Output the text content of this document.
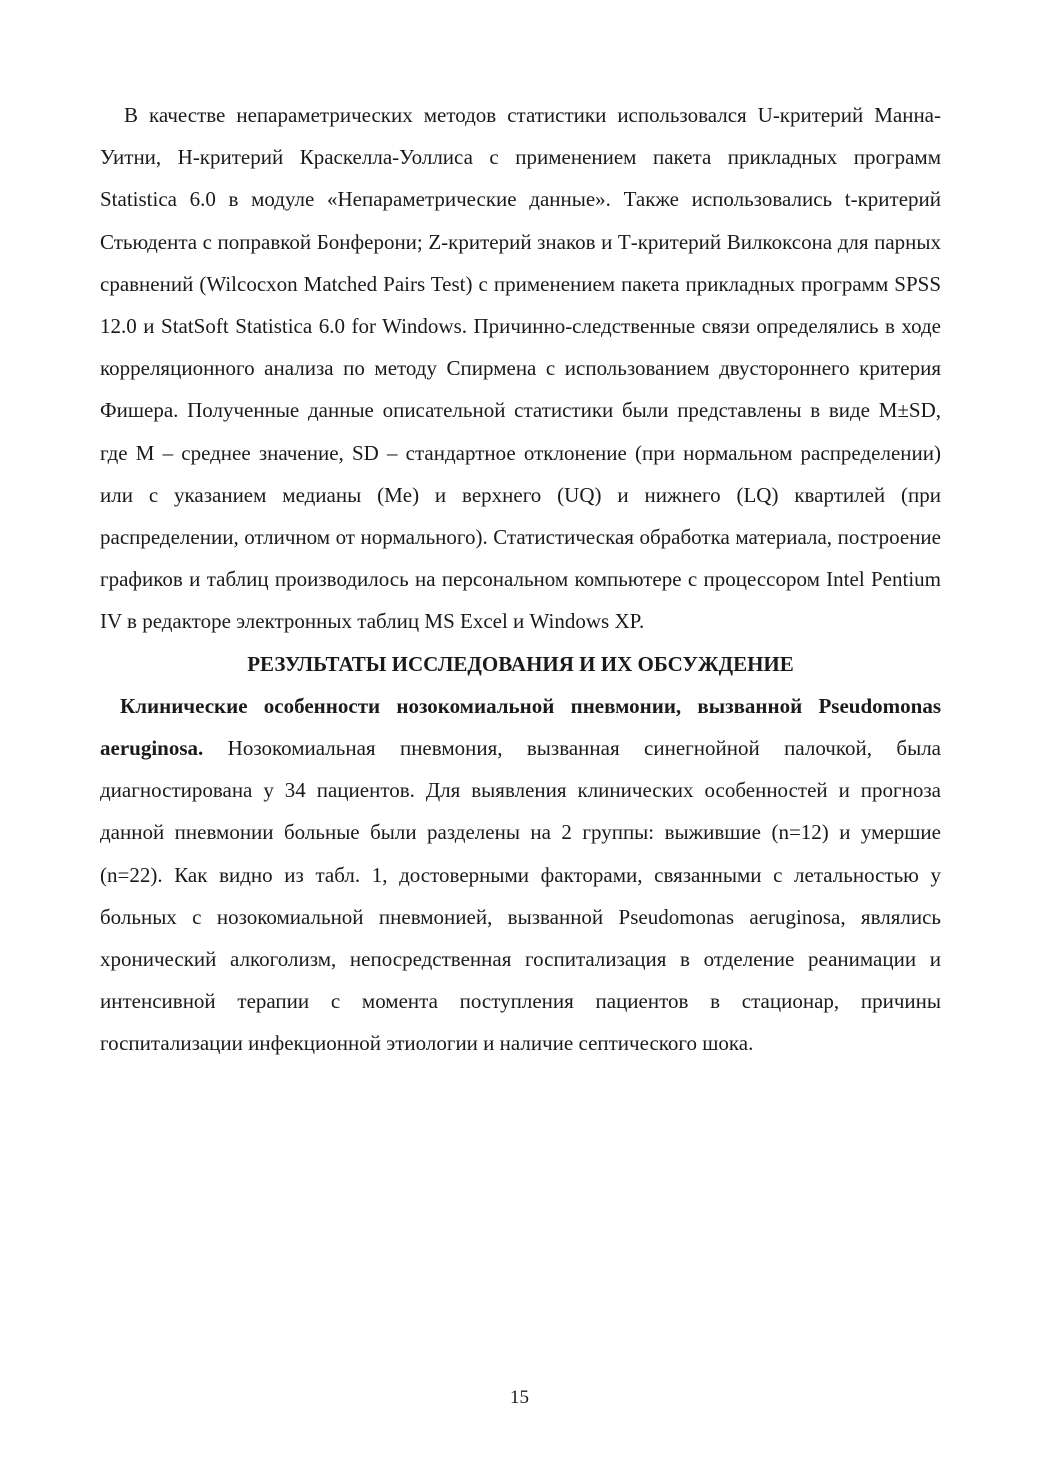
В качестве непараметрических методов статистики использовался U-критерий Манна-Уитни, Н-критерий Краскелла-Уоллиса с применением пакета прикладных программ Statistica 6.0 в модуле «Непараметрические данные». Также использовались t-критерий Стьюдента с поправкой Бонферони; Z-критерий знаков и Т-критерий Вилкоксона для парных сравнений (Wilcocxon Matched Pairs Test) с применением пакета прикладных программ SPSS 12.0 и StatSoft Statistica 6.0 for Windows. Причинно-следственные связи определялись в ходе корреляционного анализа по методу Спирмена с использованием двустороннего критерия Фишера. Полученные данные описательной статистики были представлены в виде M±SD, где M – среднее значение, SD – стандартное отклонение (при нормальном распределении) или с указанием медианы (Me) и верхнего (UQ) и нижнего (LQ) квартилей (при распределении, отличном от нормального). Статистическая обработка материала, построение графиков и таблиц производилось на персональном компьютере с процессором Intel Pentium IV в редакторе электронных таблиц MS Excel и Windows XP.

РЕЗУЛЬТАТЫ ИССЛЕДОВАНИЯ И ИХ ОБСУЖДЕНИЕ

Клинические особенности нозокомиальной пневмонии, вызванной Pseudomonas aeruginosa. Нозокомиальная пневмония, вызванная синегнойной палочкой, была диагностирована у 34 пациентов. Для выявления клинических особенностей и прогноза данной пневмонии больные были разделены на 2 группы: выжившие (n=12) и умершие (n=22). Как видно из табл. 1, достоверными факторами, связанными с летальностью у больных с нозокомиальной пневмонией, вызванной Pseudomonas aeruginosa, являлись хронический алкоголизм, непосредственная госпитализация в отделение реанимации и интенсивной терапии с момента поступления пациентов в стационар, причины госпитализации инфекционной этиологии и наличие септического шока.

15
